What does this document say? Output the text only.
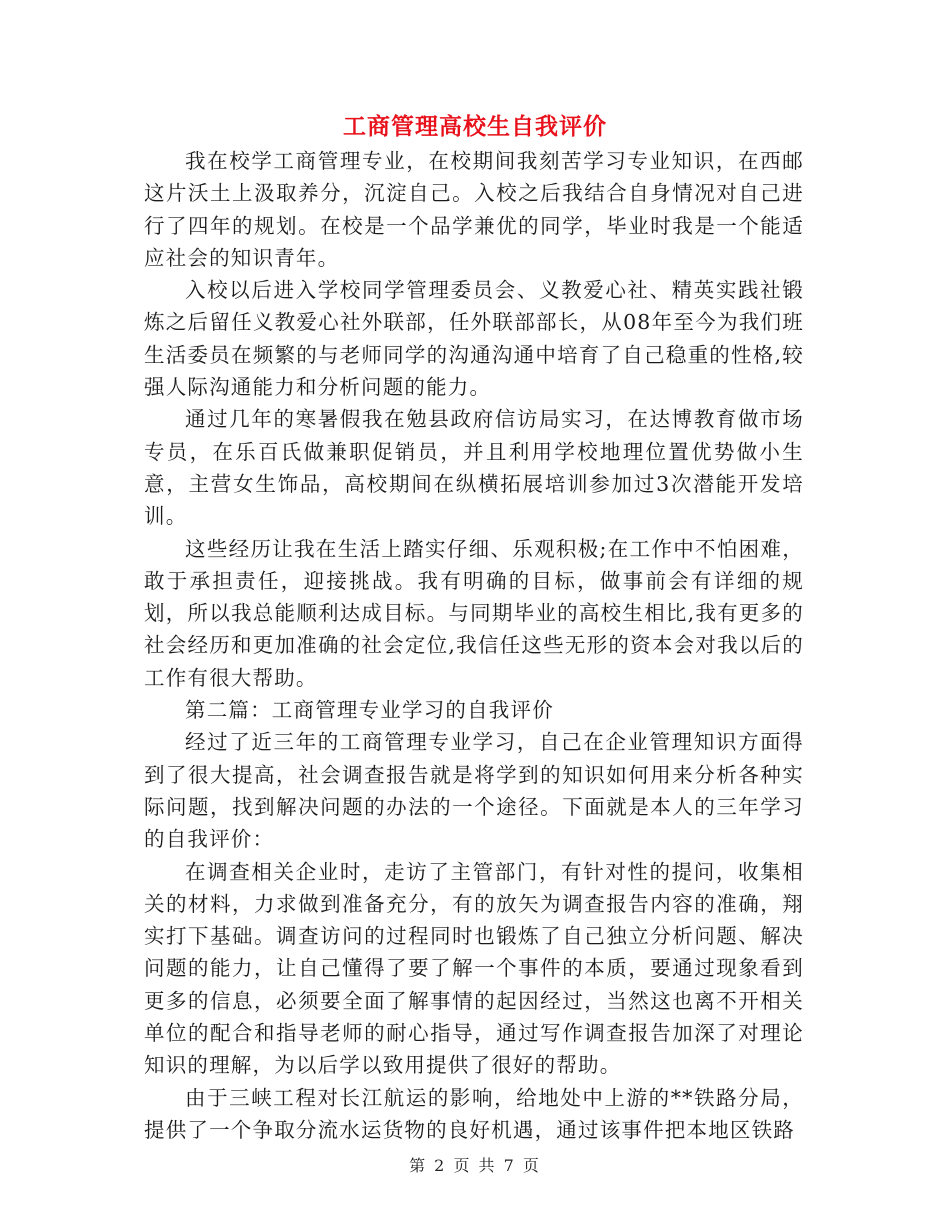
工商管理高校生自我评价

我在校学工商管理专业，在校期间我刻苦学习专业知识，在西邮这片沃土上汲取养分，沉淀自己。入校之后我结合自身情况对自己进行了四年的规划。在校是一个品学兼优的同学，毕业时我是一个能适应社会的知识青年。

入校以后进入学校同学管理委员会、义教爱心社、精英实践社锻炼之后留任义教爱心社外联部，任外联部部长，从08年至今为我们班生活委员在频繁的与老师同学的沟通沟通中培育了自己稳重的性格,较强人际沟通能力和分析问题的能力。

通过几年的寒暑假我在勉县政府信访局实习，在达博教育做市场专员，在乐百氏做兼职促销员，并且利用学校地理位置优势做小生意，主营女生饰品，高校期间在纵横拓展培训参加过3次潜能开发培训。

这些经历让我在生活上踏实仔细、乐观积极;在工作中不怕困难，敢于承担责任，迎接挑战。我有明确的目标，做事前会有详细的规划，所以我总能顺利达成目标。与同期毕业的高校生相比,我有更多的社会经历和更加准确的社会定位,我信任这些无形的资本会对我以后的工作有很大帮助。

第二篇：工商管理专业学习的自我评价

经过了近三年的工商管理专业学习，自己在企业管理知识方面得到了很大提高，社会调查报告就是将学到的知识如何用来分析各种实际问题，找到解决问题的办法的一个途径。下面就是本人的三年学习的自我评价：

在调查相关企业时，走访了主管部门，有针对性的提问，收集相关的材料，力求做到准备充分，有的放矢为调查报告内容的准确，翔实打下基础。调查访问的过程同时也锻炼了自己独立分析问题、解决问题的能力，让自己懂得了要了解一个事件的本质，要通过现象看到更多的信息，必须要全面了解事情的起因经过，当然这也离不开相关单位的配合和指导老师的耐心指导，通过写作调查报告加深了对理论知识的理解，为以后学以致用提供了很好的帮助。

由于三峡工程对长江航运的影响，给地处中上游的**铁路分局，提供了一个争取分流水运货物的良好机遇，通过该事件把本地区铁路

第 2 页 共 7 页
